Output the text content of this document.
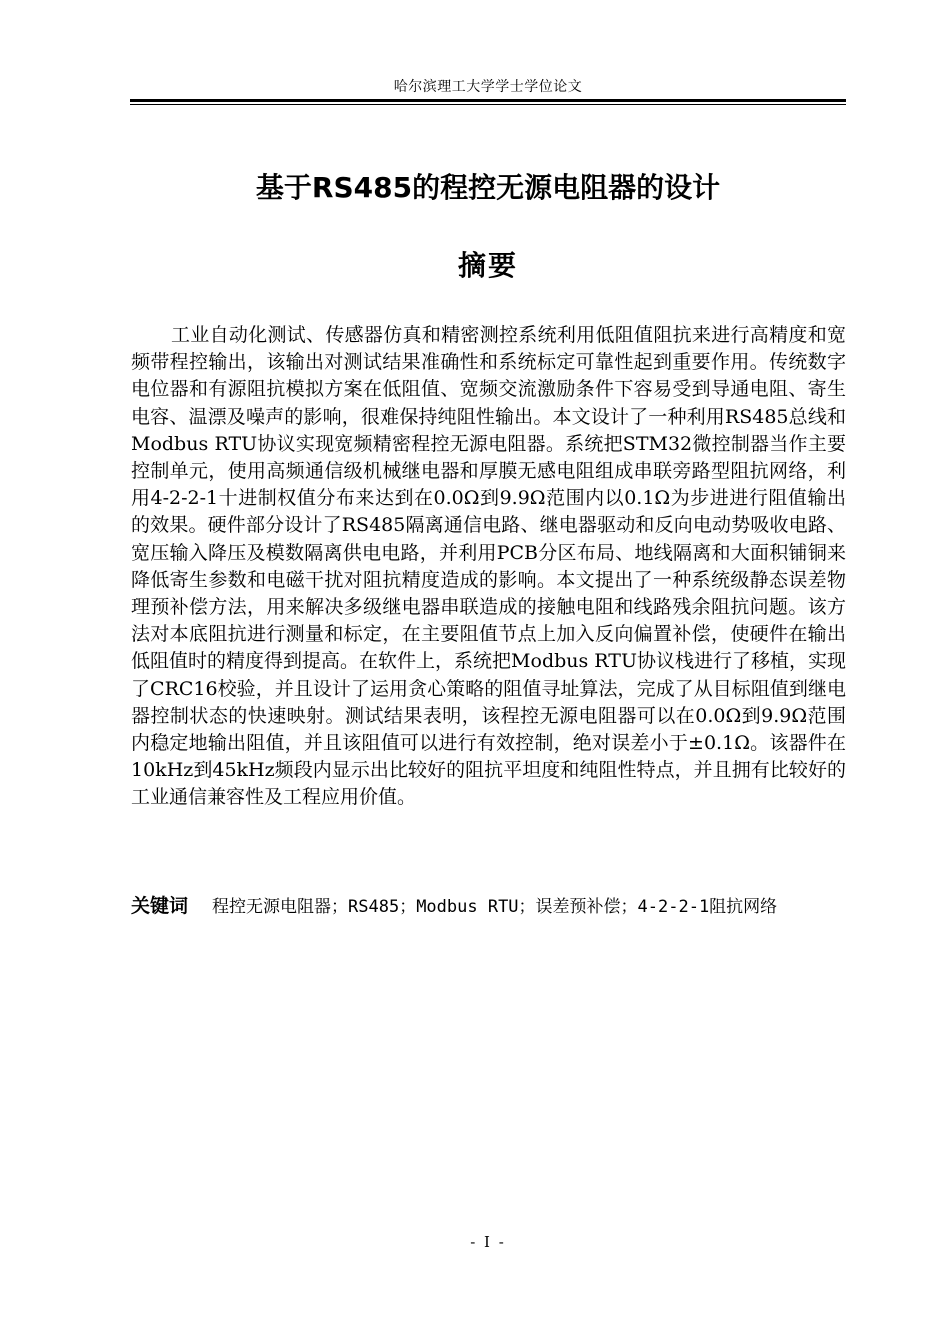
哈尔滨理工大学学士学位论文
基于RS485的程控无源电阻器的设计
摘要

工业自动化测试、传感器仿真和精密测控系统利用低阻值阻抗来进行高精度和宽频带程控输出，该输出对测试结果准确性和系统标定可靠性起到重要作用。传统数字电位器和有源阻抗模拟方案在低阻值、宽频交流激励条件下容易受到导通电阻、寄生电容、温漂及噪声的影响，很难保持纯阻性输出。本文设计了一种利用RS485总线和Modbus RTU协议实现宽频精密程控无源电阻器。系统把STM32微控制器当作主要控制单元，使用高频通信级机械继电器和厚膜无感电阻组成串联旁路型阻抗网络，利用4-2-2-1十进制权值分布来达到在0.0Ω到9.9Ω范围内以0.1Ω为步进进行阻值输出的效果。硬件部分设计了RS485隔离通信电路、继电器驱动和反向电动势吸收电路、宽压输入降压及模数隔离供电电路，并利用PCB分区布局、地线隔离和大面积铺铜来降低寄生参数和电磁干扰对阻抗精度造成的影响。本文提出了一种系统级静态误差物理预补偿方法，用来解决多级继电器串联造成的接触电阻和线路残余阻抗问题。该方法对本底阻抗进行测量和标定，在主要阻值节点上加入反向偏置补偿，使硬件在输出低阻值时的精度得到提高。在软件上，系统把Modbus RTU协议栈进行了移植，实现了CRC16校验，并且设计了运用贪心策略的阻值寻址算法，完成了从目标阻值到继电器控制状态的快速映射。测试结果表明，该程控无源电阻器可以在0.0Ω到9.9Ω范围内稳定地输出阻值，并且该阻值可以进行有效控制，绝对误差小于±0.1Ω。该器件在10kHz到45kHz频段内显示出比较好的阻抗平坦度和纯阻性特点，并且拥有比较好的工业通信兼容性及工程应用价值。

关键词 程控无源电阻器；RS485；Modbus RTU；误差预补偿；4-2-2-1阻抗网络

- I -
